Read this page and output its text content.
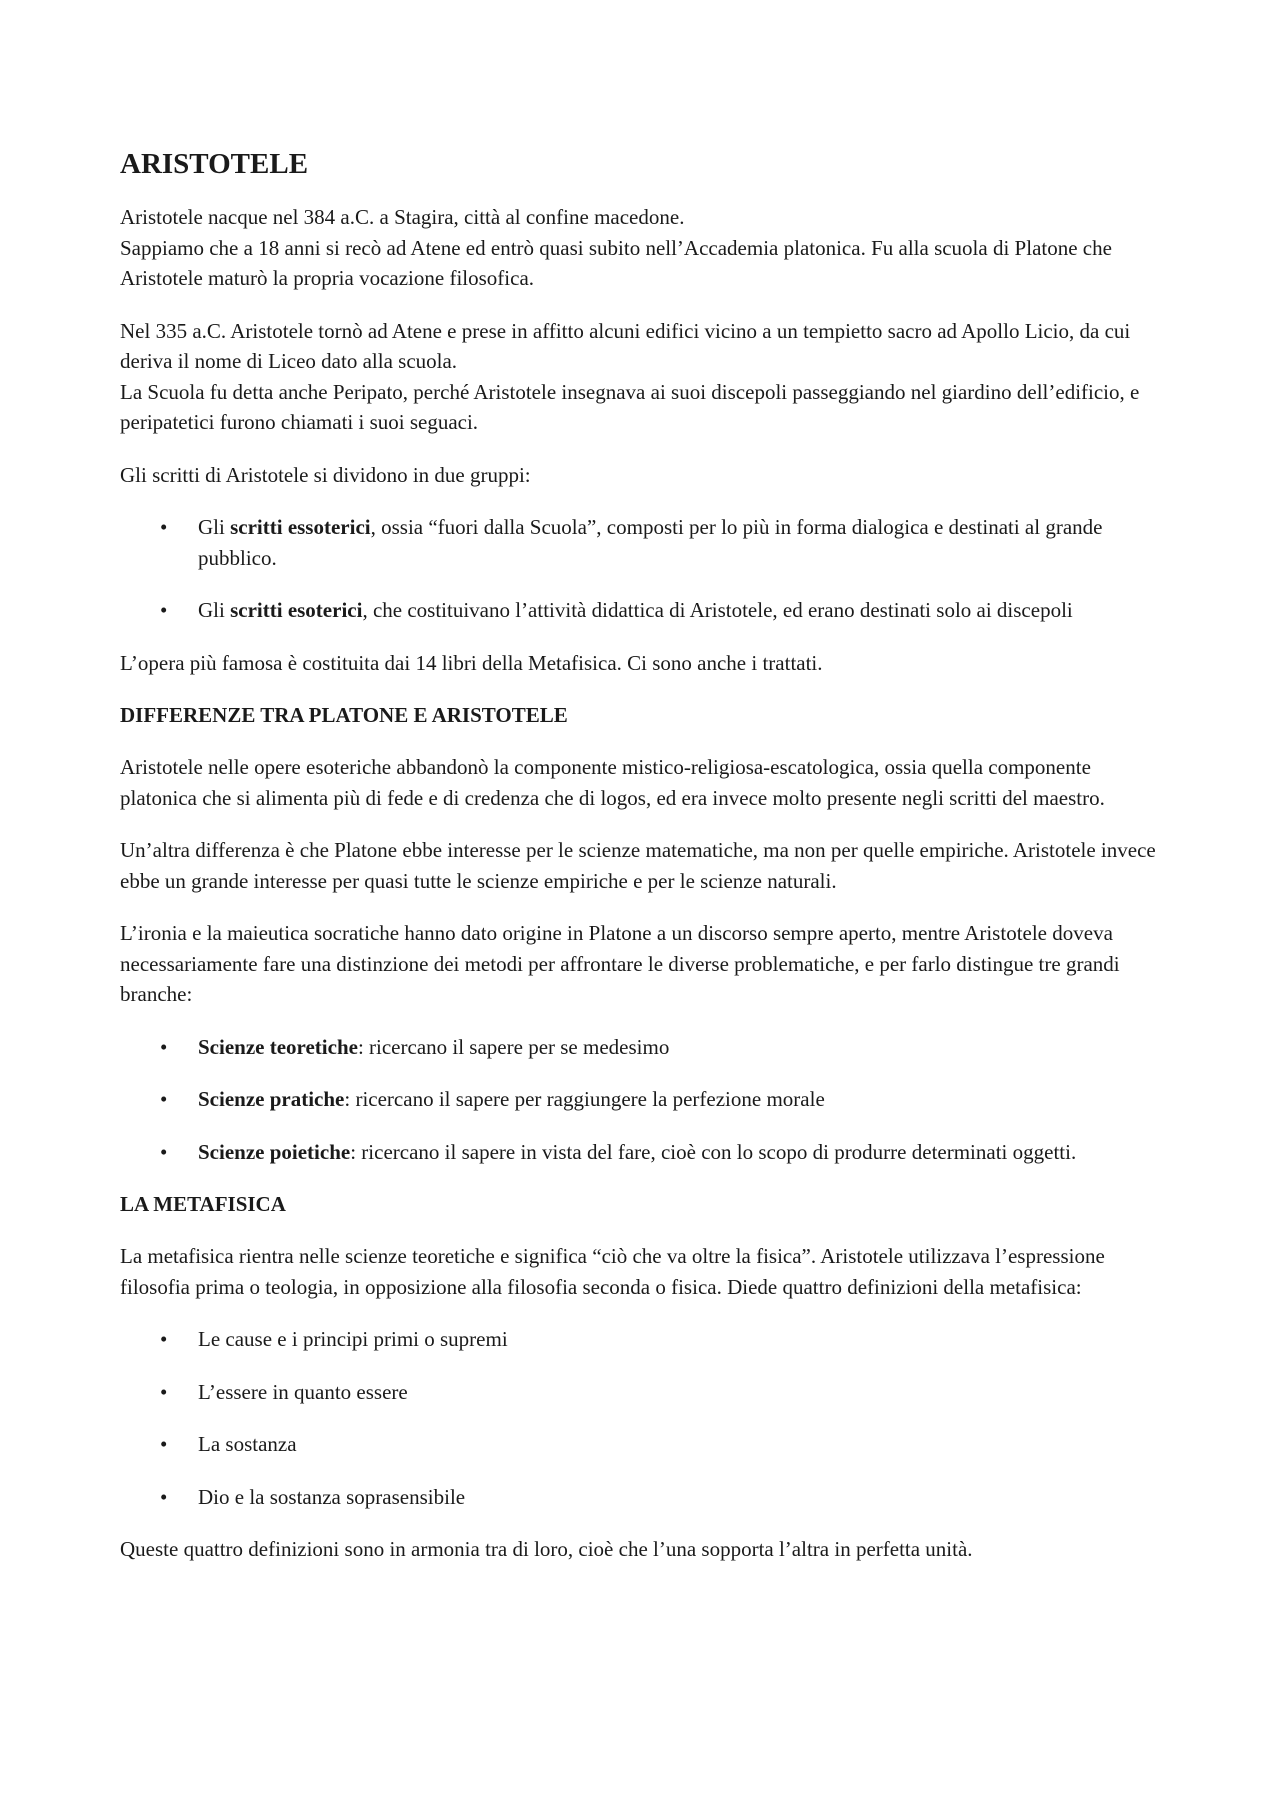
ARISTOTELE

Aristotele nacque nel 384 a.C. a Stagira, città al confine macedone.
Sappiamo che a 18 anni si recò ad Atene ed entrò quasi subito nell’Accademia platonica. Fu alla scuola di Platone che Aristotele maturò la propria vocazione filosofica.

Nel 335 a.C. Aristotele tornò ad Atene e prese in affitto alcuni edifici vicino a un tempietto sacro ad Apollo Licio, da cui deriva il nome di Liceo dato alla scuola.
La Scuola fu detta anche Peripato, perché Aristotele insegnava ai suoi discepoli passeggiando nel giardino dell’edificio, e peripatetici furono chiamati i suoi seguaci.

Gli scritti di Aristotele si dividono in due gruppi:

• Gli scritti essoterici, ossia “fuori dalla Scuola”, composti per lo più in forma dialogica e destinati al grande pubblico.
• Gli scritti esoterici, che costituivano l’attività didattica di Aristotele, ed erano destinati solo ai discepoli

L’opera più famosa è costituita dai 14 libri della Metafisica. Ci sono anche i trattati.

DIFFERENZE TRA PLATONE E ARISTOTELE

Aristotele nelle opere esoteriche abbandonò la componente mistico-religiosa-escatologica, ossia quella componente platonica che si alimenta più di fede e di credenza che di logos, ed era invece molto presente negli scritti del maestro.

Un’altra differenza è che Platone ebbe interesse per le scienze matematiche, ma non per quelle empiriche. Aristotele invece ebbe un grande interesse per quasi tutte le scienze empiriche e per le scienze naturali.

L’ironia e la maieutica socratiche hanno dato origine in Platone a un discorso sempre aperto, mentre Aristotele doveva necessariamente fare una distinzione dei metodi per affrontare le diverse problematiche, e per farlo distingue tre grandi branche:

• Scienze teoretiche: ricercano il sapere per se medesimo
• Scienze pratiche: ricercano il sapere per raggiungere la perfezione morale
• Scienze poietiche: ricercano il sapere in vista del fare, cioè con lo scopo di produrre determinati oggetti.
LA METAFISICA

La metafisica rientra nelle scienze teoretiche e significa “ciò che va oltre la fisica”. Aristotele utilizzava l’espressione filosofia prima o teologia, in opposizione alla filosofia seconda o fisica. Diede quattro definizioni della metafisica:

• Le cause e i principi primi o supremi
• L’essere in quanto essere
• La sostanza
• Dio e la sostanza soprasensibile

Queste quattro definizioni sono in armonia tra di loro, cioè che l’una sopporta l’altra in perfetta unità.
